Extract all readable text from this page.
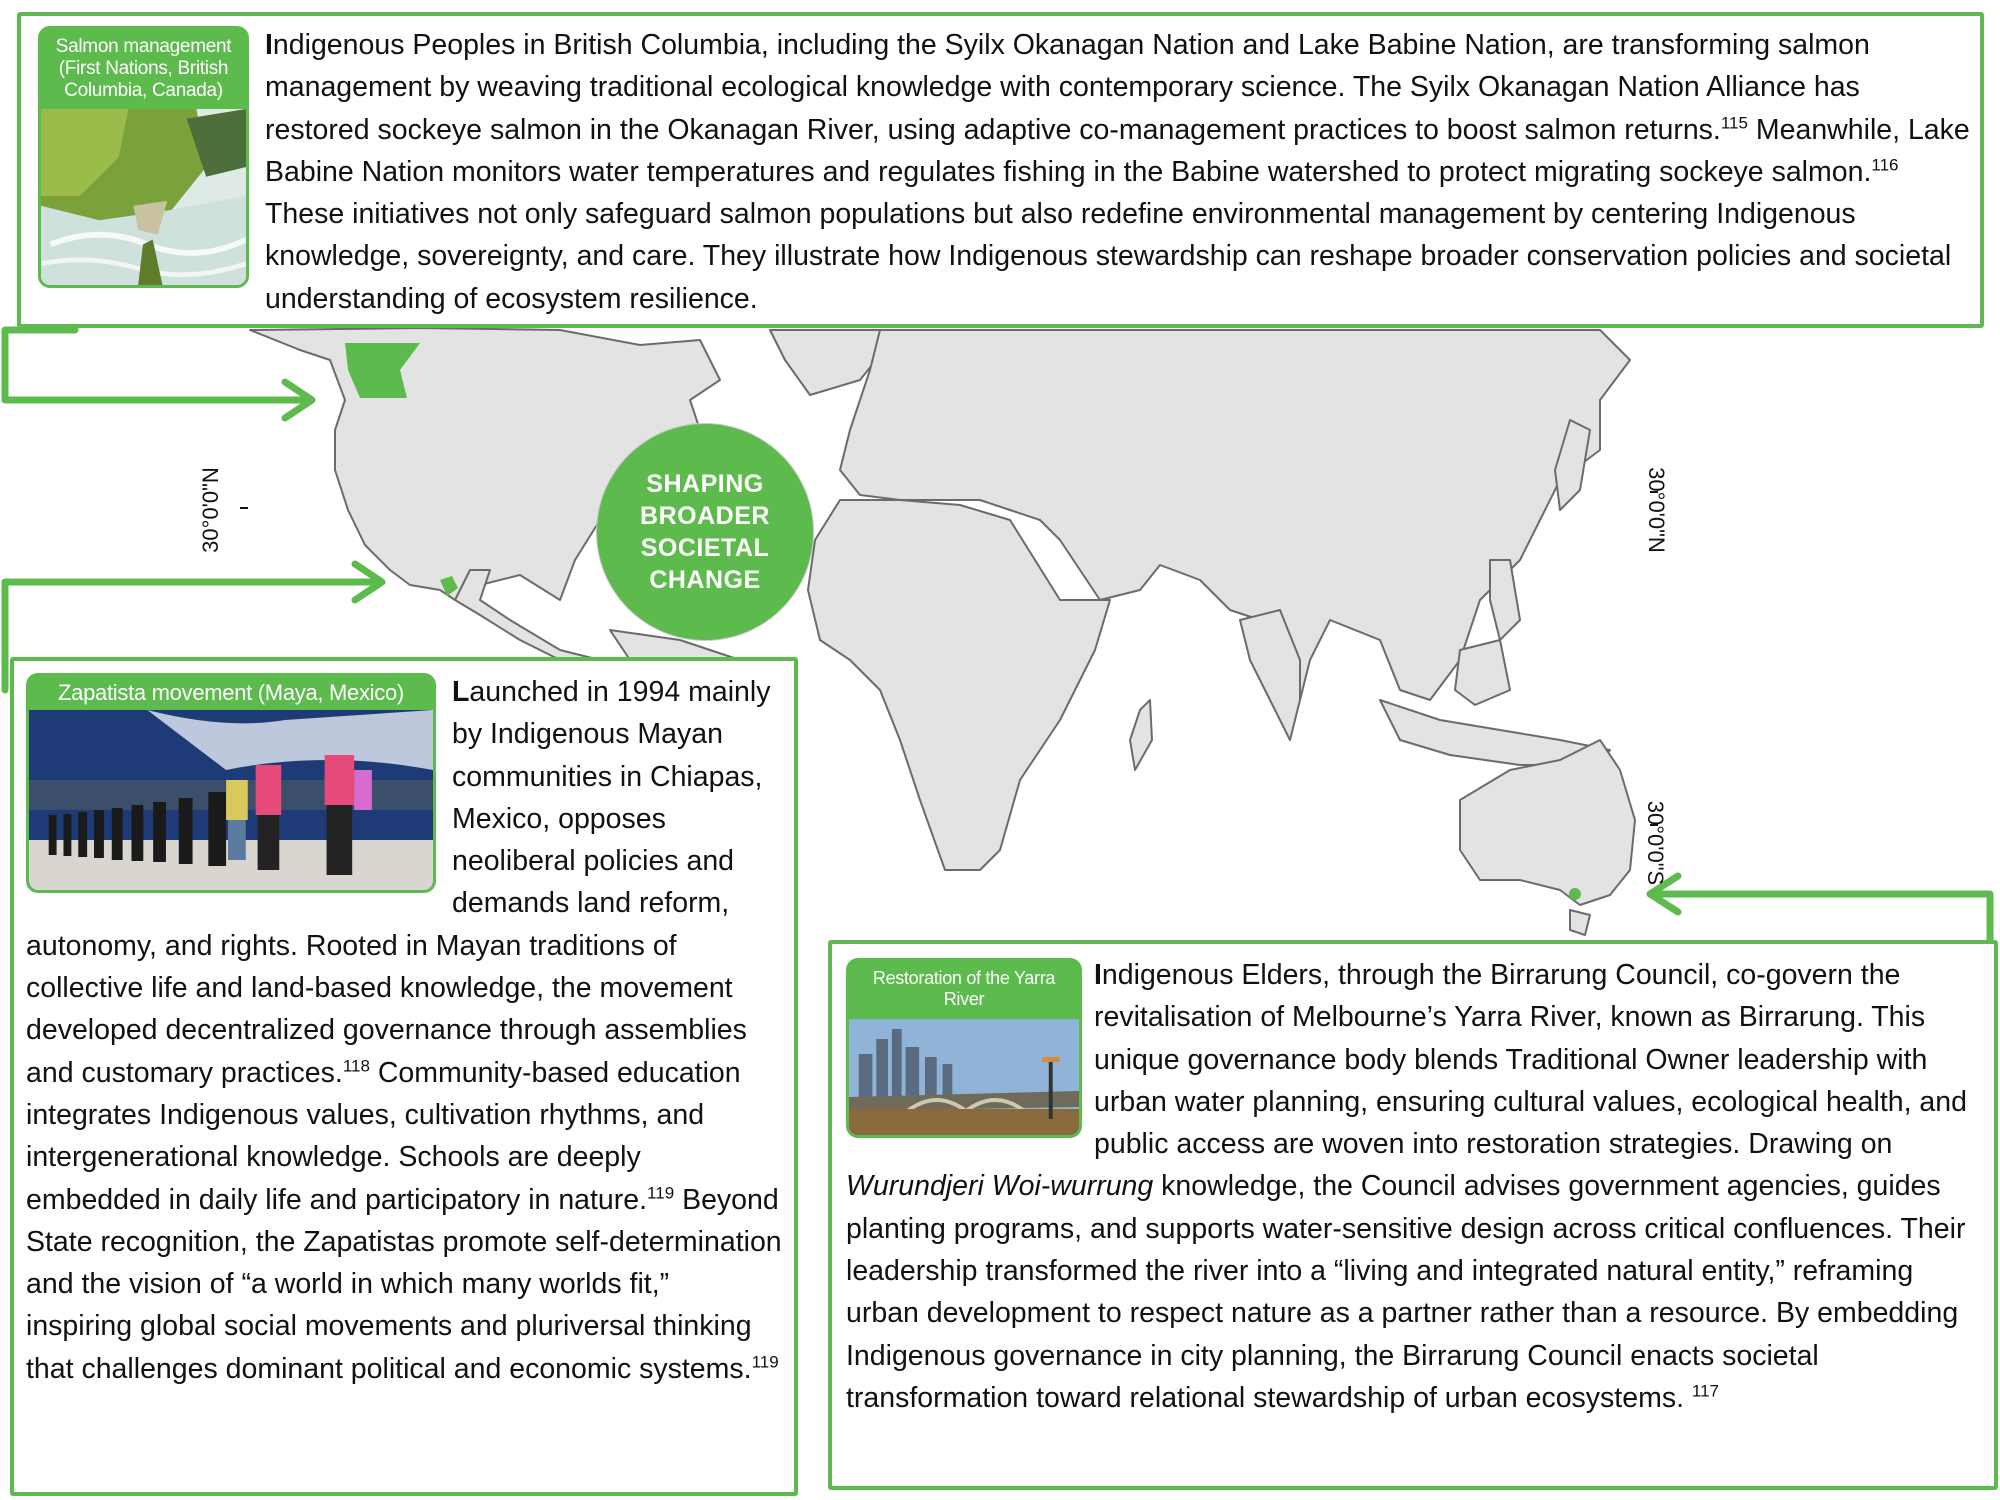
30°0'0"N	30°0'0"N
30°0'0"S
SHAPING
BROADER
SOCIETAL
CHANGE
Salmon management (First Nations, British Columbia, Canada)
Indigenous Peoples in British Columbia, including the Syilx Okanagan Nation and Lake Babine Nation, are transforming salmon management by weaving traditional ecological knowledge with contemporary science. The Syilx Okanagan Nation Alliance has restored sockeye salmon in the Okanagan River, using adaptive co-management practices to boost salmon returns.$^{115}$ Meanwhile, Lake Babine Nation monitors water temperatures and regulates fishing in the Babine watershed to protect migrating sockeye salmon.$^{116}$ These initiatives not only safeguard salmon populations but also redefine environmental management by centering Indigenous knowledge, sovereignty, and care. They illustrate how Indigenous stewardship can reshape broader conservation policies and societal understanding of ecosystem resilience.
Zapatista movement (Maya, Mexico)	Launched in 1994 mainly by Indigenous Mayan communities in Chiapas, Mexico, opposes neoliberal policies and demands land reform, autonomy, and rights. Rooted in Mayan traditions of collective life and land-based knowledge, the movement developed decentralized governance through assemblies and customary practices.$^{118}$ Community-based education integrates Indigenous values, cultivation rhythms, and intergenerational knowledge. Schools are deeply embedded in daily life and participatory in nature.$^{119}$ Beyond State recognition, the Zapatistas promote self-determination and the vision of “a world in which many worlds fit,” inspiring global social movements and pluriversal thinking that challenges dominant political and economic systems.$^{119}$
Restoration of the Yarra River
Indigenous Elders, through the Birrarung Council, co-govern the revitalisation of Melbourne’s Yarra River, known as Birrarung. This unique governance body blends Traditional Owner leadership with urban water planning, ensuring cultural values, ecological health, and public access are woven into restoration strategies. Drawing on Wurundjeri Woi-wurrung knowledge, the Council advises government agencies, guides planting programs, and supports water-sensitive design across critical confluences. Their leadership transformed the river into a “living and integrated natural entity,” reframing urban development to respect nature as a partner rather than a resource. By embedding Indigenous governance in city planning, the Birrarung Council enacts societal transformation toward relational stewardship of urban ecosystems. $^{117}$
